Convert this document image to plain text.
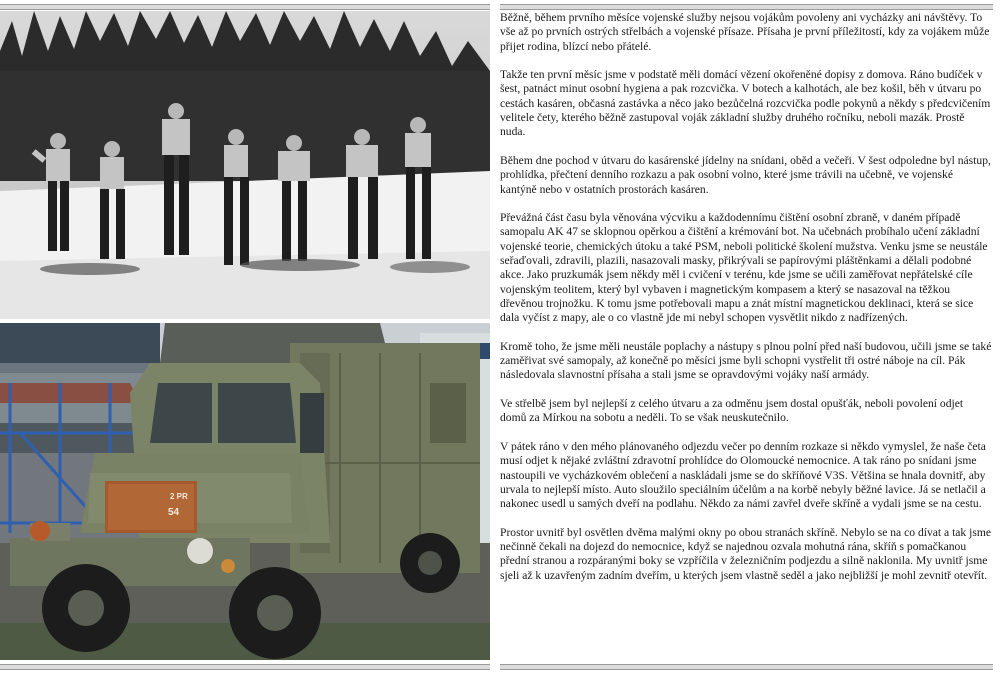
2 PR
54

Běžně, během prvního měsíce vojenské služby nejsou vojákům povoleny ani vycházky ani návštěvy. To vše až po prvních ostrých střelbách a vojenské přísaze. Přísaha je první příležitostí, kdy za vojákem může přijet rodina, blízcí nebo přátelé.

Takže ten první měsíc jsme v podstatě měli domácí vězení okořeněné dopisy z domova. Ráno budíček v šest, patnáct minut osobní hygiena a pak rozcvička. V botech a kalhotách, ale bez košil, běh v útvaru po cestách kasáren, občasná zastávka a něco jako bezůčelná rozcvička podle pokynů a někdy s předcvičením velitele čety, kterého běžně zastupoval voják základní služby druhého ročníku, neboli mazák. Prostě nuda.

Během dne pochod v útvaru do kasárenské jídelny na snídani, oběd a večeři. V šest odpoledne byl nástup, prohlídka, přečtení denního rozkazu a pak osobní volno, které jsme trávili na učebně, ve vojenské kantýně nebo v ostatních prostorách kasáren.

Převážná část času byla věnována výcviku a každodennímu čištění osobní zbraně, v daném případě samopalu AK 47 se sklopnou opěrkou a čištění a krémování bot. Na učebnách probíhalo učení základní vojenské teorie, chemických útoku a také PSM, neboli politické školení mužstva. Venku jsme se neustále seřaďovali, zdravili, plazili, nasazovali masky, přikrývali se papírovými pláštěnkami a dělali podobné akce. Jako pruzkumák jsem někdy měl i cvičení v terénu, kde jsme se učili zaměřovat nepřátelské cíle vojenským teolitem, který byl vybaven i magnetickým kompasem a který se nasazoval na těžkou dřevěnou trojnožku. K tomu jsme potřebovali mapu a znát místní magnetickou deklinaci, která se sice dala vyčíst z mapy, ale o co vlastně jde mi nebyl schopen vysvětlit nikdo z nadřízených.

Kromě toho, že jsme měli neustále poplachy a nástupy s plnou polní před naší budovou, učili jsme se také zaměřivat své samopaly, až konečně po měsíci jsme byli schopni vystřelit tři ostré náboje na cíl. Pák následovala slavnostní přísaha a stali jsme se opravdovými vojáky naší armády.

Ve střelbě jsem byl nejlepší z celého útvaru a za odměnu jsem dostal opušťák, neboli povolení odjet domů za Mírkou na sobotu a neděli. To se však neuskutečnilo.

V pátek ráno v den mého plánovaného odjezdu večer po denním rozkaze si někdo vymyslel, že naše četa musí odjet k nějaké zvláštní zdravotní prohlídce do Olomoucké nemocnice. A tak ráno po snídani jsme nastoupili ve vycházkovém oblečení a naskládali jsme se do skříňové V3S. Většina se hnala dovnitř, aby urvala to nejlepší místo. Auto sloužilo speciálním účelům a na korbě nebyly běžné lavice. Já se netlačil a nakonec usedl u samých dveří na podlahu. Někdo za námi zavřel dveře skříně a vydali jsme se na cestu.

Prostor uvnitř byl osvětlen dvěma malými okny po obou stranách skříně. Nebylo se na co dívat a tak jsme nečinně čekali na dojezd do nemocnice, když se najednou ozvala mohutná rána, skříň s pomačkanou přední stranou a rozpáranými boky se vzpříčila v železničním podjezdu a silně naklonila. My uvnitř jsme sjeli až k uzavřeným zadním dveřím, u kterých jsem vlastně seděl a jako nejbližší je mohl zevnitř otevřít.
